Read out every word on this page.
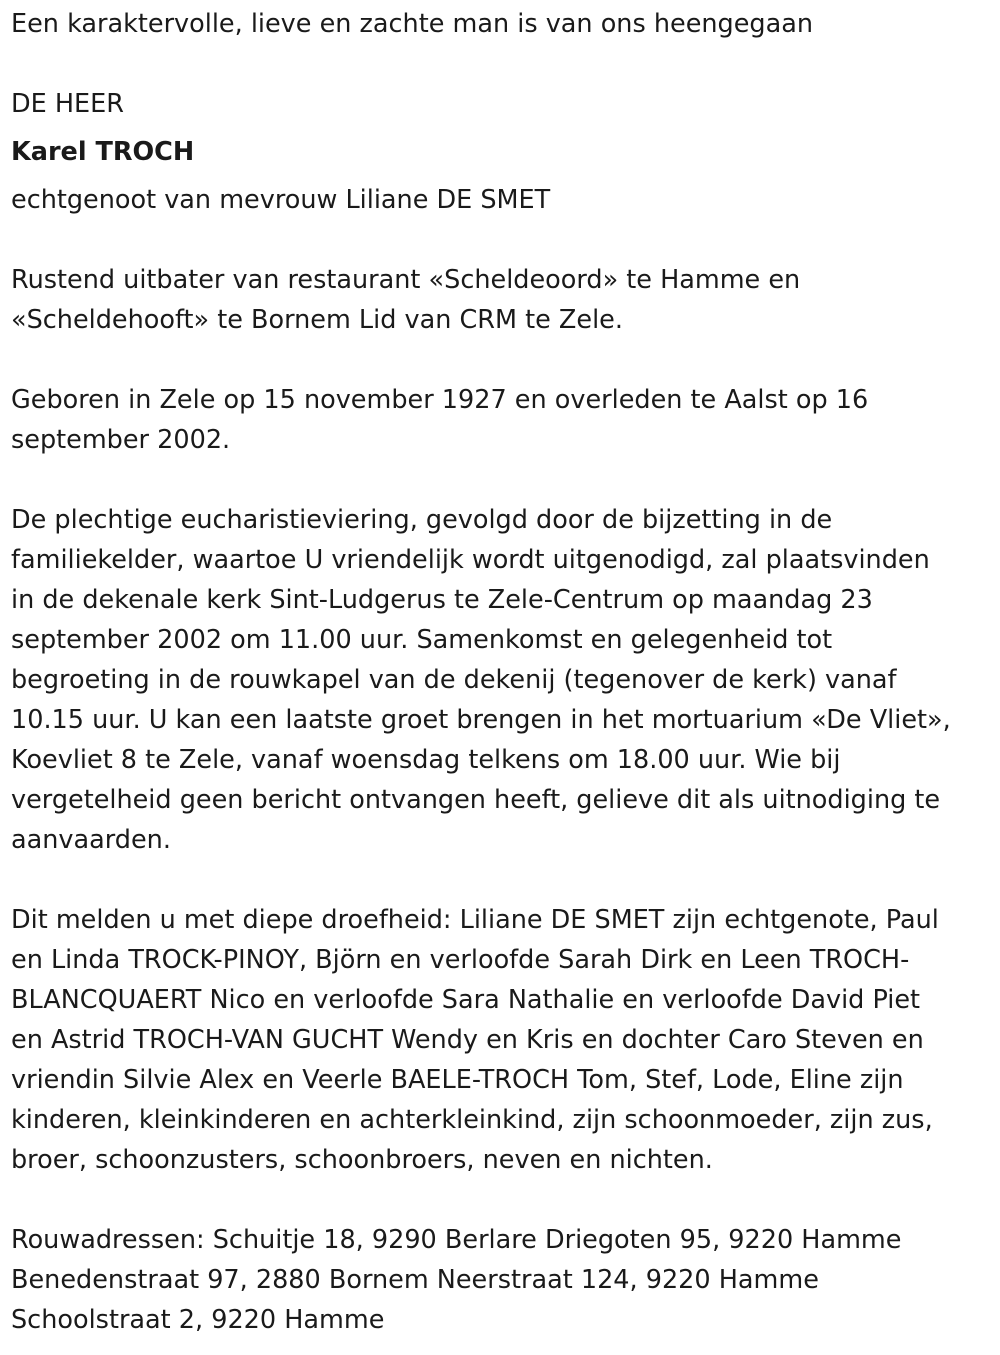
Een karaktervolle, lieve en zachte man is van ons heengegaan

DE HEER

Karel TROCH

echtgenoot van mevrouw Liliane DE SMET

Rustend uitbater van restaurant «Scheldeoord» te Hamme en
«Scheldehooft» te Bornem Lid van CRM te Zele.

Geboren in Zele op 15 november 1927 en overleden te Aalst op 16
september 2002.

De plechtige eucharistieviering, gevolgd door de bijzetting in de
familiekelder, waartoe U vriendelijk wordt uitgenodigd, zal plaatsvinden
in de dekenale kerk Sint-Ludgerus te Zele-Centrum op maandag 23
september 2002 om 11.00 uur. Samenkomst en gelegenheid tot
begroeting in de rouwkapel van de dekenij (tegenover de kerk) vanaf
10.15 uur. U kan een laatste groet brengen in het mortuarium «De Vliet»,
Koevliet 8 te Zele, vanaf woensdag telkens om 18.00 uur. Wie bij
vergetelheid geen bericht ontvangen heeft, gelieve dit als uitnodiging te
aanvaarden.

Dit melden u met diepe droefheid: Liliane DE SMET zijn echtgenote, Paul
en Linda TROCK-PINOY, Björn en verloofde Sarah Dirk en Leen TROCH-
BLANCQUAERT Nico en verloofde Sara Nathalie en verloofde David Piet
en Astrid TROCH-VAN GUCHT Wendy en Kris en dochter Caro Steven en
vriendin Silvie Alex en Veerle BAELE-TROCH Tom, Stef, Lode, Eline zijn
kinderen, kleinkinderen en achterkleinkind, zijn schoonmoeder, zijn zus,
broer, schoonzusters, schoonbroers, neven en nichten.

Rouwadressen: Schuitje 18, 9290 Berlare Driegoten 95, 9220 Hamme
Benedenstraat 97, 2880 Bornem Neerstraat 124, 9220 Hamme
Schoolstraat 2, 9220 Hamme
